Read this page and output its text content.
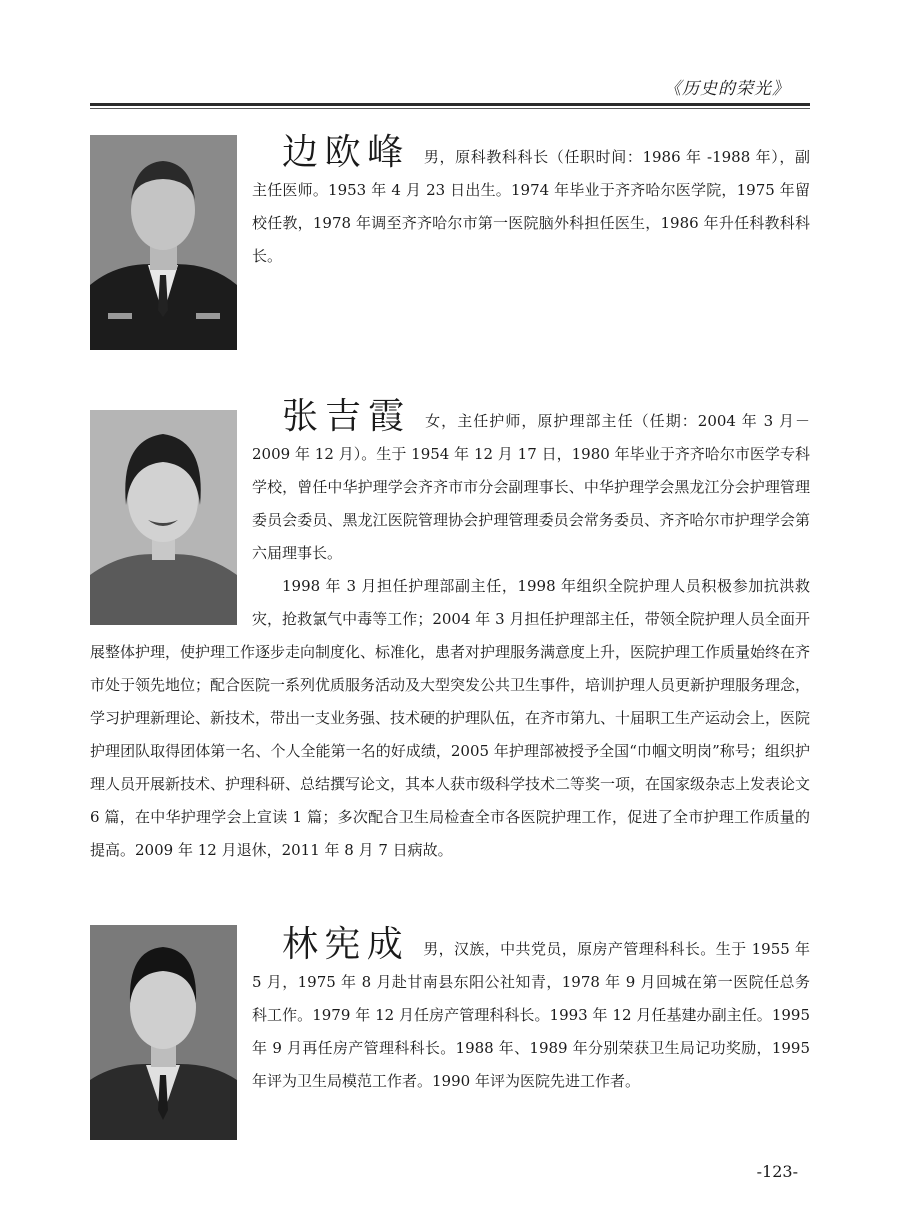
《历史的荣光》

边欧峰 男，原科教科科长（任职时间：1986 年 -1988 年），副主任医师。1953 年 4 月 23 日出生。1974 年毕业于齐齐哈尔医学院，1975 年留校任教，1978 年调至齐齐哈尔市第一医院脑外科担任医生，1986 年升任科教科科长。

张吉霞 女，主任护师，原护理部主任（任期：2004 年 3 月－2009 年 12 月）。生于 1954 年 12 月 17 日，1980 年毕业于齐齐哈尔市医学专科学校，曾任中华护理学会齐齐市市分会副理事长、中华护理学会黑龙江分会护理管理委员会委员、黑龙江医院管理协会护理管理委员会常务委员、齐齐哈尔市护理学会第六届理事长。

1998 年 3 月担任护理部副主任，1998 年组织全院护理人员积极参加抗洪救灾，抢救氯气中毒等工作；2004 年 3 月担任护理部主任，带领全院护理人员全面开展整体护理，使护理工作逐步走向制度化、标准化，患者对护理服务满意度上升，医院护理工作质量始终在齐市处于领先地位；配合医院一系列优质服务活动及大型突发公共卫生事件，培训护理人员更新护理服务理念，学习护理新理论、新技术，带出一支业务强、技术硬的护理队伍，在齐市第九、十届职工生产运动会上，医院护理团队取得团体第一名、个人全能第一名的好成绩，2005 年护理部被授予全国“巾帼文明岗”称号；组织护理人员开展新技术、护理科研、总结撰写论文，其本人获市级科学技术二等奖一项，在国家级杂志上发表论文 6 篇，在中华护理学会上宣读 1 篇；多次配合卫生局检查全市各医院护理工作，促进了全市护理工作质量的提高。2009 年 12 月退休，2011 年 8 月 7 日病故。

林宪成 男，汉族，中共党员，原房产管理科科长。生于 1955 年 5 月，1975 年 8 月赴甘南县东阳公社知青，1978 年 9 月回城在第一医院任总务科工作。1979 年 12 月任房产管理科科长。1993 年 12 月任基建办副主任。1995 年 9 月再任房产管理科科长。1988 年、1989 年分别荣获卫生局记功奖励，1995 年评为卫生局模范工作者。1990 年评为医院先进工作者。

-123-
